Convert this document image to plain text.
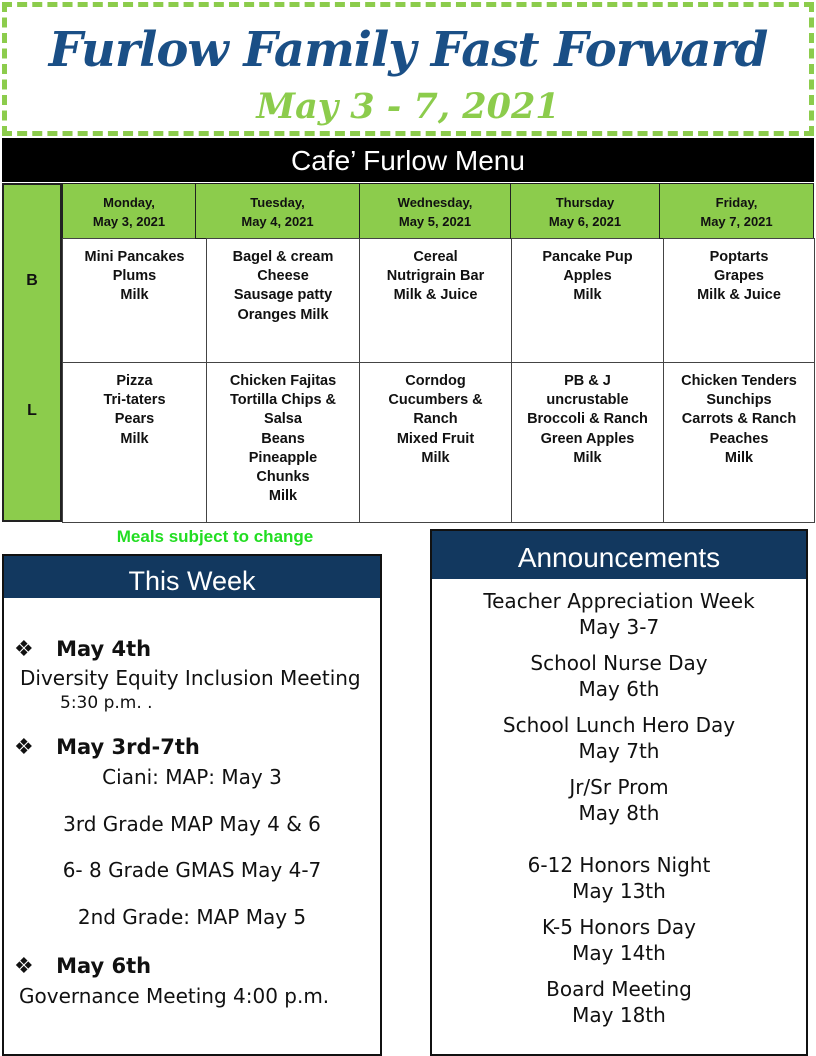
Furlow Family Fast Forward
May 3 - 7, 2021
Cafe’ Furlow Menu
B
L
Monday,
May 3, 2021
Mini Pancakes
Plums
Milk
Pizza
Tri-taters
Pears
Milk
Tuesday,
May 4, 2021
Bagel & cream
Cheese
Sausage patty
Oranges Milk
Chicken Fajitas
Tortilla Chips &
Salsa
Beans
Pineapple
Chunks
Milk
Wednesday,
May 5, 2021
Cereal
Nutrigrain Bar
Milk & Juice
Corndog
Cucumbers &
Ranch
Mixed Fruit
Milk
Thursday
May 6, 2021
Pancake Pup
Apples
Milk
PB & J
uncrustable
Broccoli & Ranch
Green Apples
Milk
Friday,
May 7, 2021
Poptarts
Grapes
Milk & Juice
Chicken Tenders
Sunchips
Carrots & Ranch
Peaches
Milk
Meals subject to change
This Week
❖ May 4th
Diversity Equity Inclusion Meeting
5:30 p.m. .
❖ May 3rd-7th
Ciani: MAP: May 3
3rd Grade MAP May 4 & 6
6- 8 Grade GMAS May 4-7
2nd Grade: MAP May 5
❖ May 6th
Governance Meeting 4:00 p.m.
Announcements
Teacher Appreciation Week
May 3-7
School Nurse Day
May 6th
School Lunch Hero Day
May 7th
Jr/Sr Prom
May 8th
6-12 Honors Night
May 13th
K-5 Honors Day
May 14th
Board Meeting
May 18th
